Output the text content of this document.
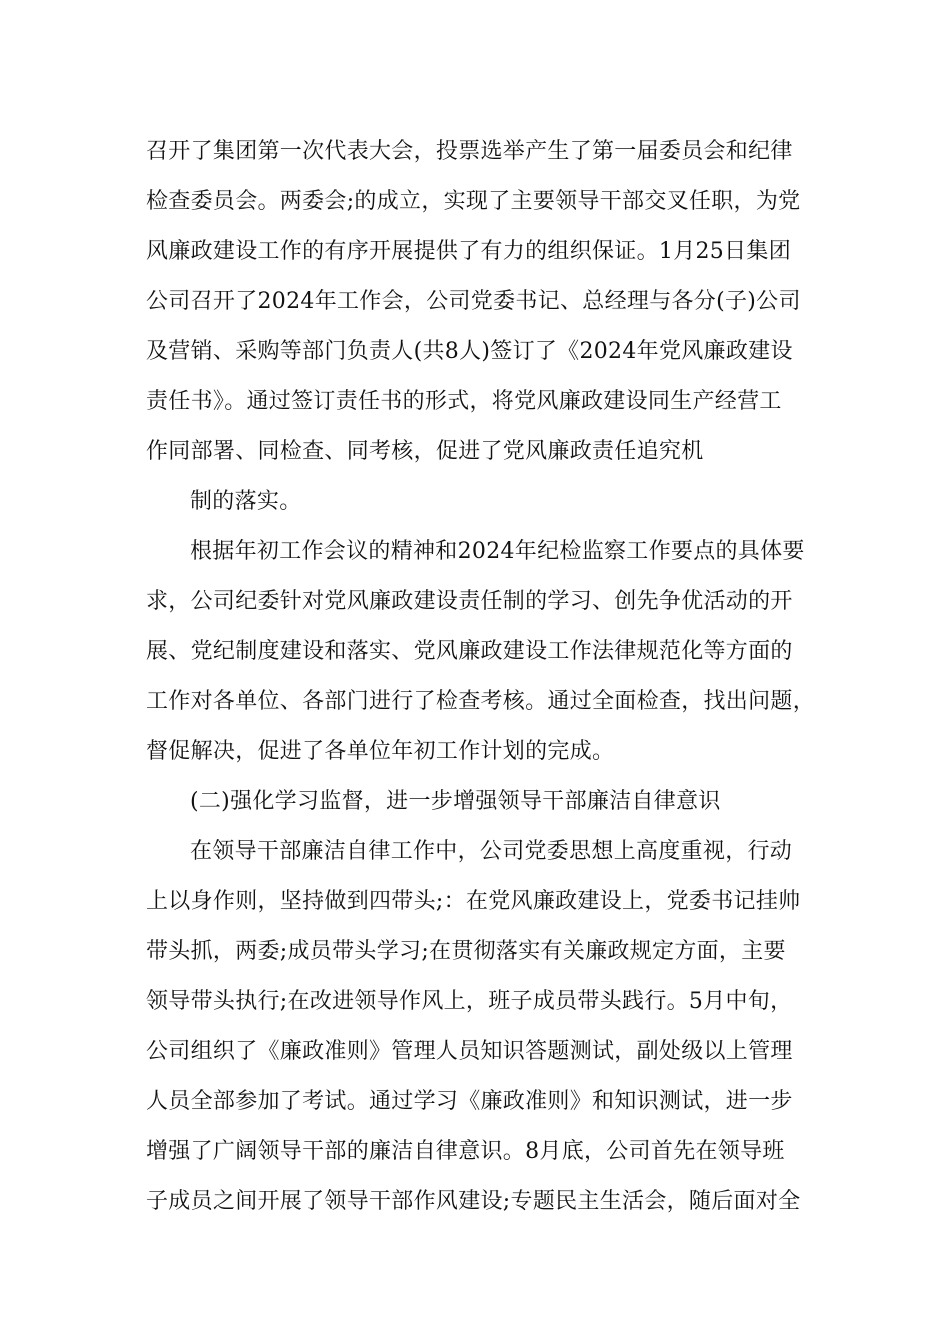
召开了集团第一次代表大会，投票选举产生了第一届委员会和纪律

检查委员会。两委会;的成立，实现了主要领导干部交叉任职，为党

风廉政建设工作的有序开展提供了有力的组织保证。1月25日集团

公司召开了2024年工作会，公司党委书记、总经理与各分(子)公司

及营销、采购等部门负责人(共8人)签订了《2024年党风廉政建设

责任书》。通过签订责任书的形式，将党风廉政建设同生产经营工

作同部署、同检查、同考核，促进了党风廉政责任追究机

制的落实。

根据年初工作会议的精神和2024年纪检监察工作要点的具体要

求，公司纪委针对党风廉政建设责任制的学习、创先争优活动的开

展、党纪制度建设和落实、党风廉政建设工作法律规范化等方面的

工作对各单位、各部门进行了检查考核。通过全面检查，找出问题，

督促解决，促进了各单位年初工作计划的完成。

(二)强化学习监督，进一步增强领导干部廉洁自律意识

在领导干部廉洁自律工作中，公司党委思想上高度重视，行动

上以身作则，坚持做到四带头;：在党风廉政建设上，党委书记挂帅

带头抓，两委;成员带头学习;在贯彻落实有关廉政规定方面，主要

领导带头执行;在改进领导作风上，班子成员带头践行。5月中旬，

公司组织了《廉政准则》管理人员知识答题测试，副处级以上管理

人员全部参加了考试。通过学习《廉政准则》和知识测试，进一步

增强了广阔领导干部的廉洁自律意识。8月底，公司首先在领导班

子成员之间开展了领导干部作风建设;专题民主生活会，随后面对全
